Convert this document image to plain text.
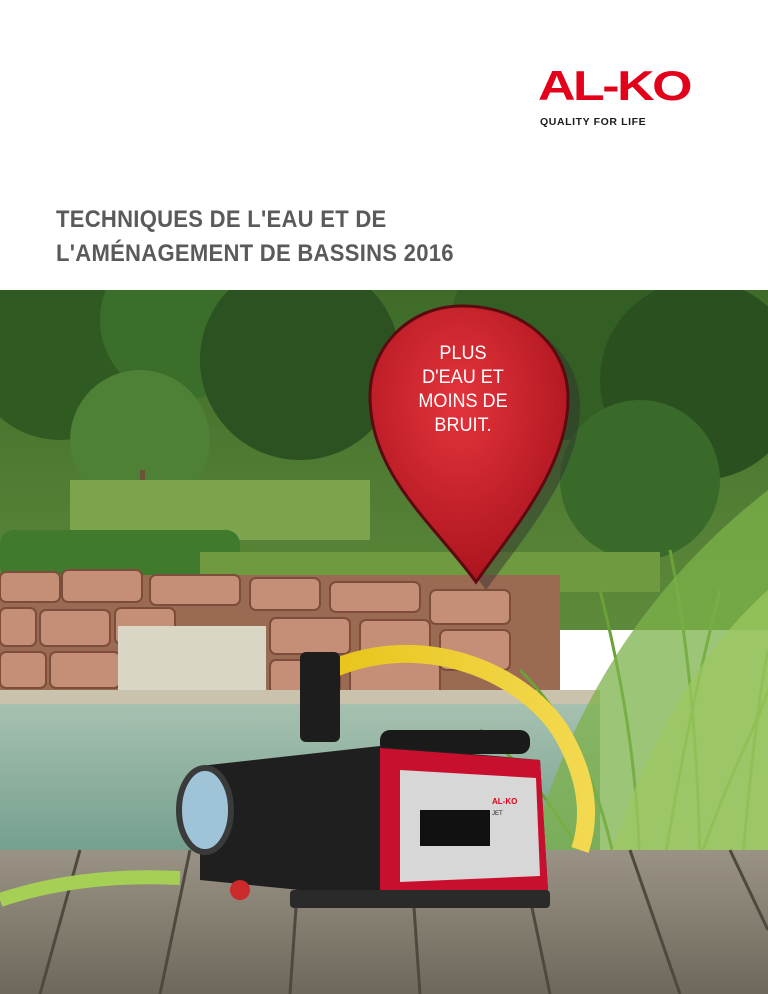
AL-KO
QUALITY FOR LIFE
TECHNIQUES DE L'EAU ET DE
L'AMÉNAGEMENT DE BASSINS 2016
AL-KO
JET
PLUS
D'EAU ET
MOINS DE
BRUIT.
